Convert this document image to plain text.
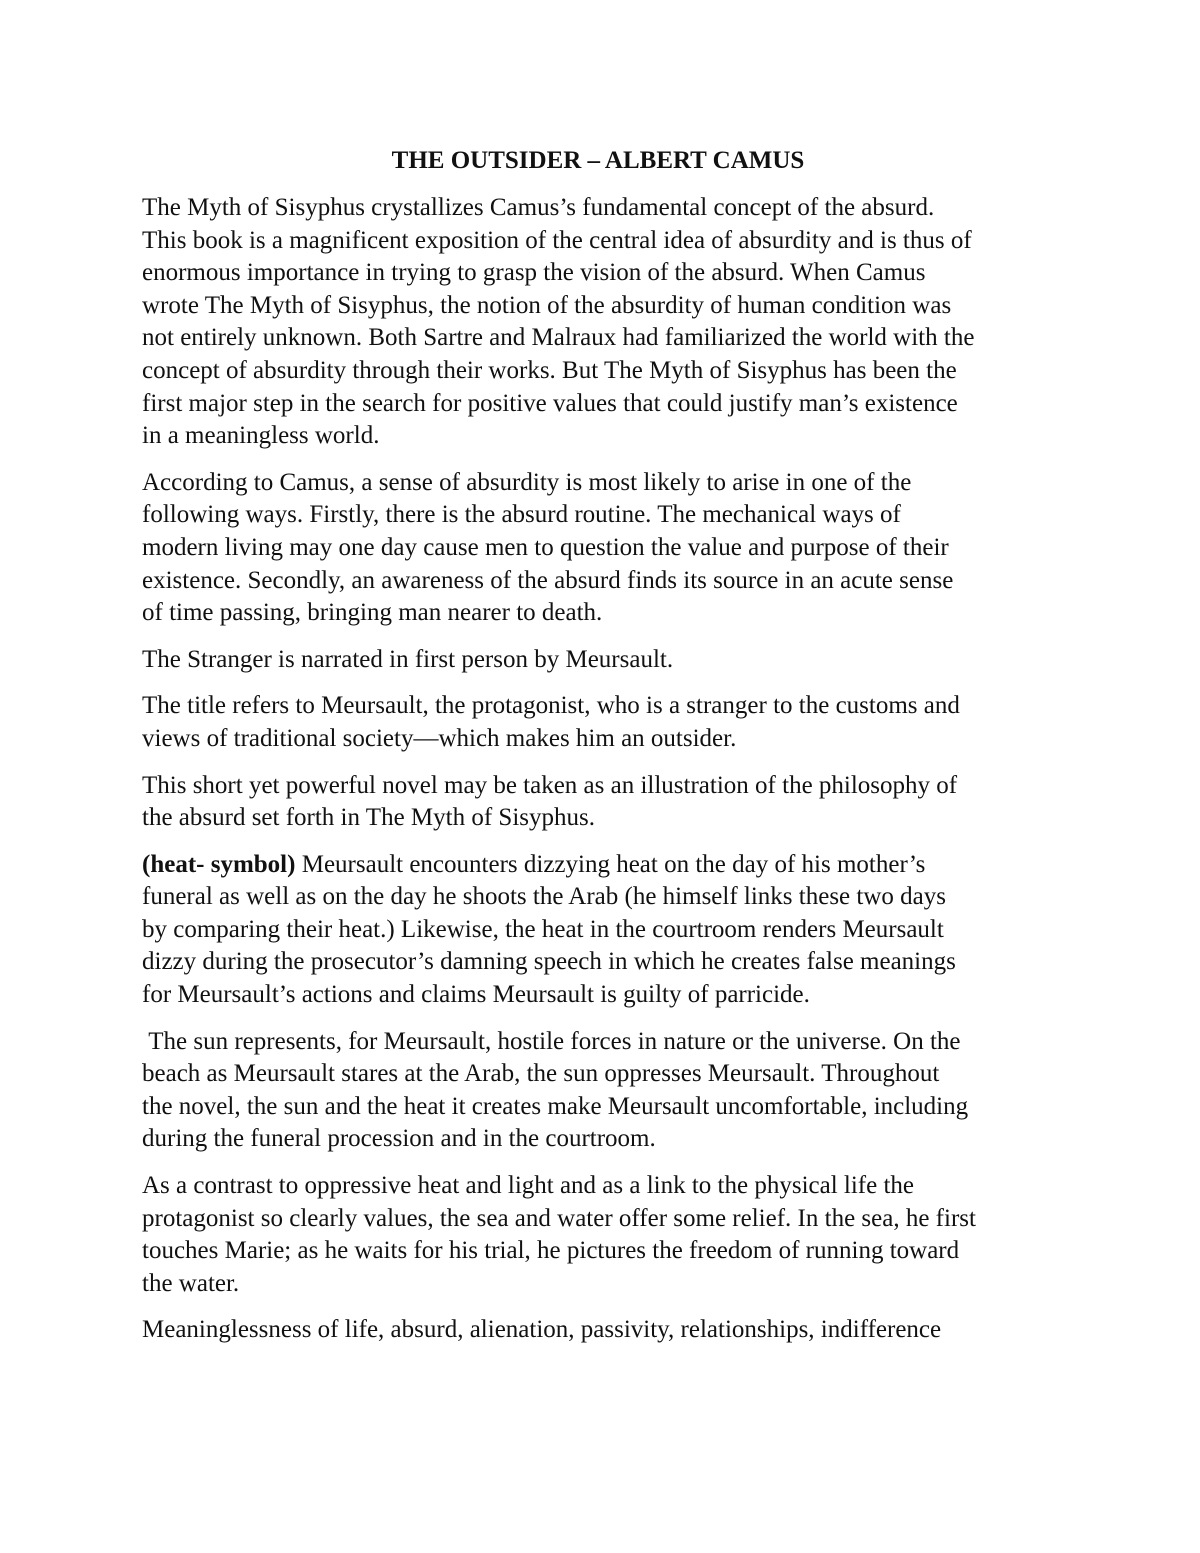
THE OUTSIDER – ALBERT CAMUS
The Myth of Sisyphus crystallizes Camus’s fundamental concept of the absurd.
This book is a magnificent exposition of the central idea of absurdity and is thus of
enormous importance in trying to grasp the vision of the absurd. When Camus
wrote The Myth of Sisyphus, the notion of the absurdity of human condition was
not entirely unknown. Both Sartre and Malraux had familiarized the world with the
concept of absurdity through their works. But The Myth of Sisyphus has been the
first major step in the search for positive values that could justify man’s existence
in a meaningless world.
According to Camus, a sense of absurdity is most likely to arise in one of the
following ways. Firstly, there is the absurd routine. The mechanical ways of
modern living may one day cause men to question the value and purpose of their
existence. Secondly, an awareness of the absurd finds its source in an acute sense
of time passing, bringing man nearer to death.
The Stranger is narrated in first person by Meursault.
The title refers to Meursault, the protagonist, who is a stranger to the customs and
views of traditional society—which makes him an outsider.
This short yet powerful novel may be taken as an illustration of the philosophy of
the absurd set forth in The Myth of Sisyphus.
(heat- symbol) Meursault encounters dizzying heat on the day of his mother’s
funeral as well as on the day he shoots the Arab (he himself links these two days
by comparing their heat.) Likewise, the heat in the courtroom renders Meursault
dizzy during the prosecutor’s damning speech in which he creates false meanings
for Meursault’s actions and claims Meursault is guilty of parricide.
The sun represents, for Meursault, hostile forces in nature or the universe. On the
beach as Meursault stares at the Arab, the sun oppresses Meursault. Throughout
the novel, the sun and the heat it creates make Meursault uncomfortable, including
during the funeral procession and in the courtroom.
As a contrast to oppressive heat and light and as a link to the physical life the
protagonist so clearly values, the sea and water offer some relief. In the sea, he first
touches Marie; as he waits for his trial, he pictures the freedom of running toward
the water.
Meaninglessness of life, absurd, alienation, passivity, relationships, indifference
